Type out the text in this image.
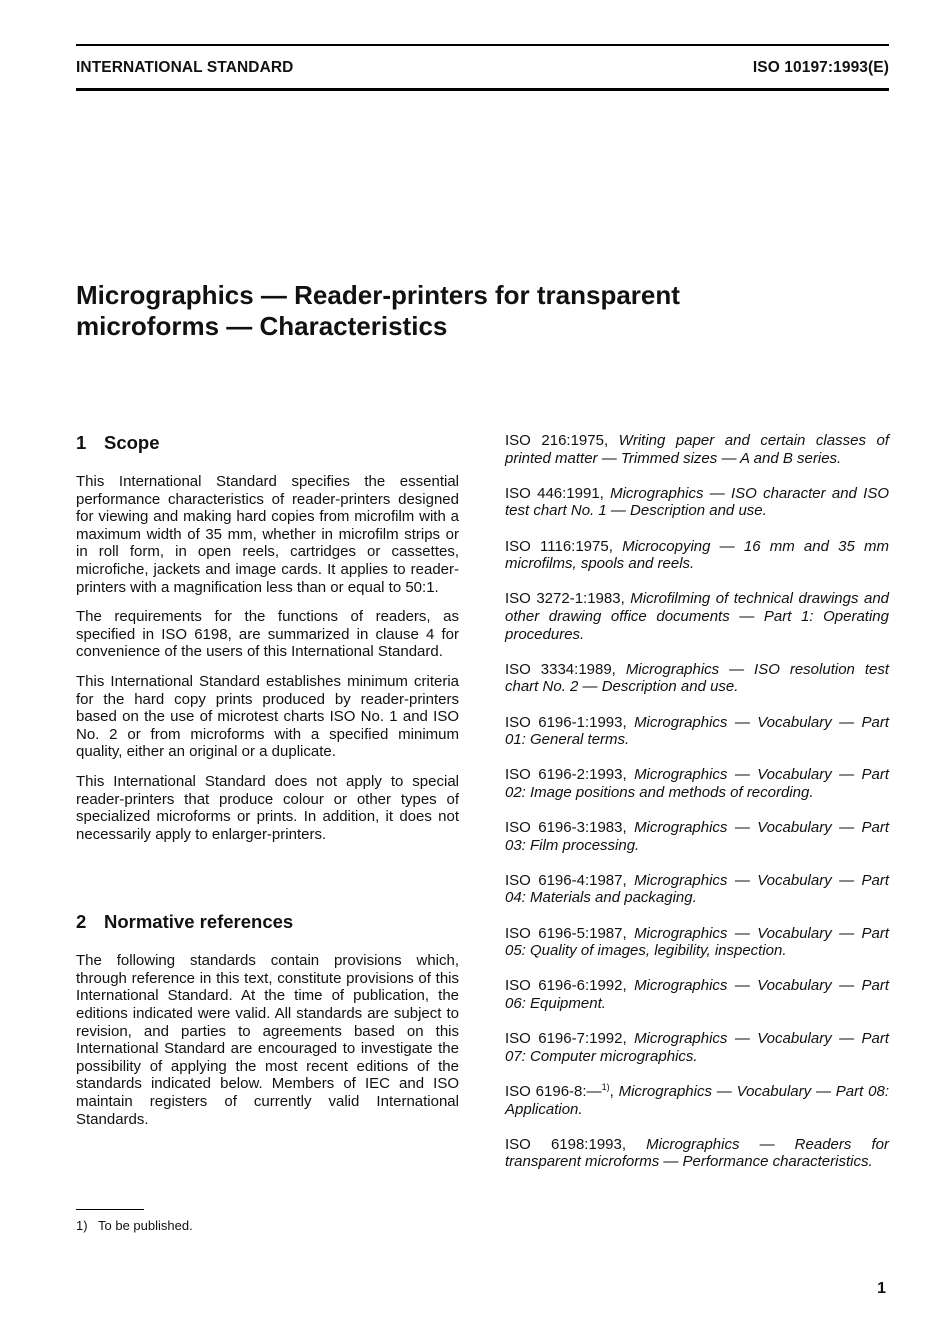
INTERNATIONAL STANDARD	ISO 10197:1993(E)
Micrographics — Reader-printers for transparent
microforms — Characteristics
1 Scope

This International Standard specifies the essential performance characteristics of reader-printers designed for viewing and making hard copies from microfilm with a maximum width of 35 mm, whether in microfilm strips or in roll form, in open reels, cartridges or cassettes, microfiche, jackets and image cards. It applies to reader-printers with a magnification less than or equal to 50:1.

The requirements for the functions of readers, as specified in ISO 6198, are summarized in clause 4 for convenience of the users of this International Standard.

This International Standard establishes minimum criteria for the hard copy prints produced by reader-printers based on the use of microtest charts ISO No. 1 and ISO No. 2 or from microforms with a specified minimum quality, either an original or a duplicate.

This International Standard does not apply to special reader-printers that produce colour or other types of specialized microforms or prints. In addition, it does not necessarily apply to enlarger-printers.

2 Normative references

The following standards contain provisions which, through reference in this text, constitute provisions of this International Standard. At the time of publication, the editions indicated were valid. All standards are subject to revision, and parties to agreements based on this International Standard are encouraged to investigate the possibility of applying the most recent editions of the standards indicated below. Members of IEC and ISO maintain registers of currently valid International Standards.

ISO 216:1975, Writing paper and certain classes of printed matter — Trimmed sizes — A and B series.

ISO 446:1991, Micrographics — ISO character and ISO test chart No. 1 — Description and use.

ISO 1116:1975, Microcopying — 16 mm and 35 mm microfilms, spools and reels.

ISO 3272-1:1983, Microfilming of technical drawings and other drawing office documents — Part 1: Operating procedures.

ISO 3334:1989, Micrographics — ISO resolution test chart No. 2 — Description and use.

ISO 6196-1:1993, Micrographics — Vocabulary — Part 01: General terms.

ISO 6196-2:1993, Micrographics — Vocabulary — Part 02: Image positions and methods of recording.

ISO 6196-3:1983, Micrographics — Vocabulary — Part 03: Film processing.

ISO 6196-4:1987, Micrographics — Vocabulary — Part 04: Materials and packaging.

ISO 6196-5:1987, Micrographics — Vocabulary — Part 05: Quality of images, legibility, inspection.

ISO 6196-6:1992, Micrographics — Vocabulary — Part 06: Equipment.

ISO 6196-7:1992, Micrographics — Vocabulary — Part 07: Computer micrographics.

ISO 6196-8:—$^{1)}$, Micrographics — Vocabulary — Part 08: Application.

ISO 6198:1993, Micrographics — Readers for transparent microforms — Performance characteristics.

1) To be published.
1
